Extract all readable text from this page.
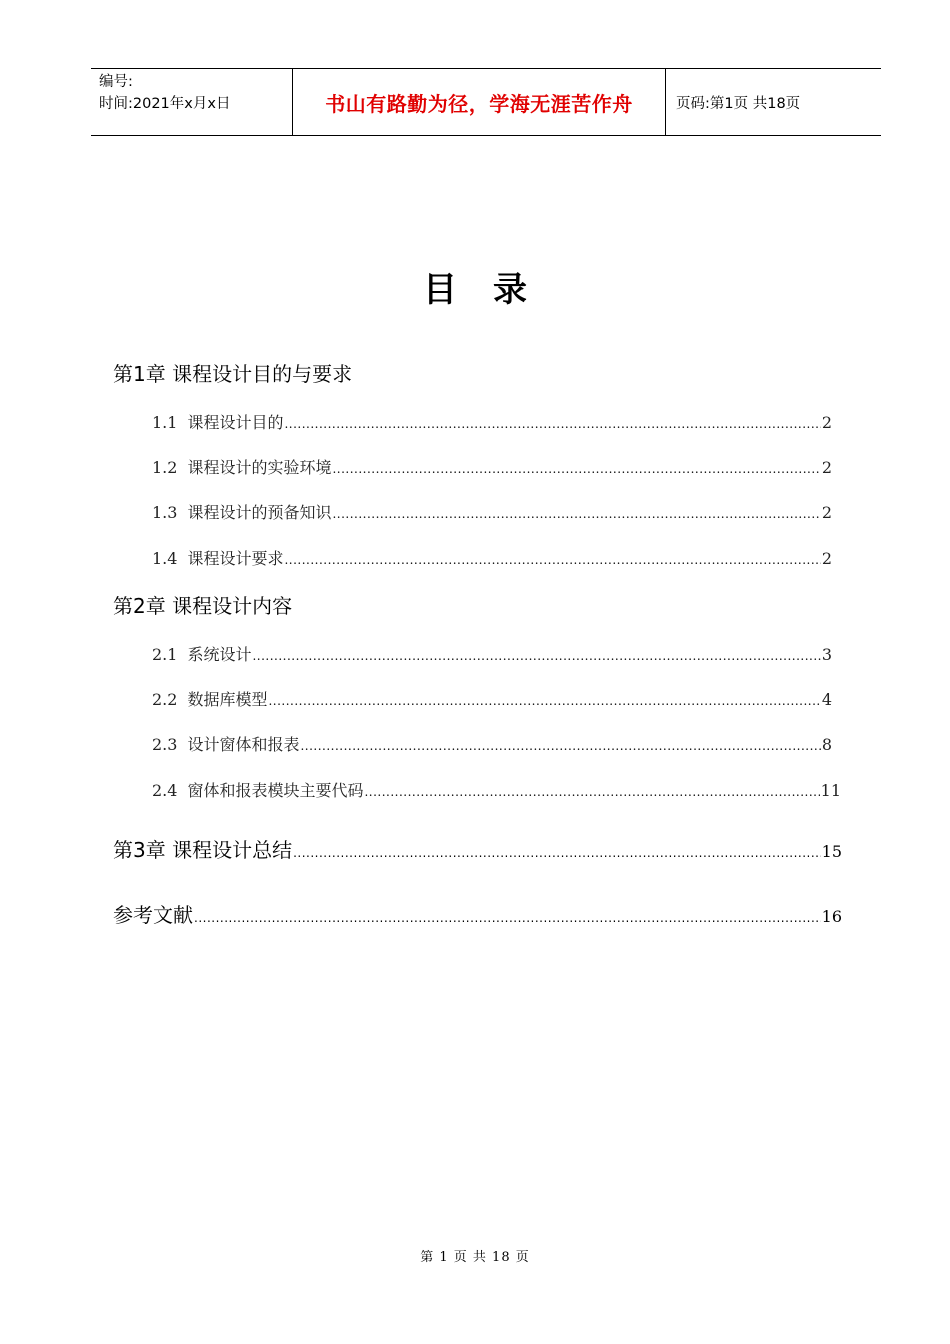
编号:
时间:2021年x月x日	书山有路勤为径，学海无涯苦作舟	页码:第1页 共18页
目录
第1章 课程设计目的与要求
1.1 课程设计目的 .....	2
1.2 课程设计的实验环境 .....	2
1.3 课程设计的预备知识 .....	2
1.4 课程设计要求 .....	2
第2章 课程设计内容
2.1 系统设计 .....	3
2.2 数据库模型 .....	4
2.3 设计窗体和报表 .....	8
2.4 窗体和报表模块主要代码 .....	11
第3章 课程设计总结 .....	15
参考文献 .....	16
第 1 页 共 18 页
